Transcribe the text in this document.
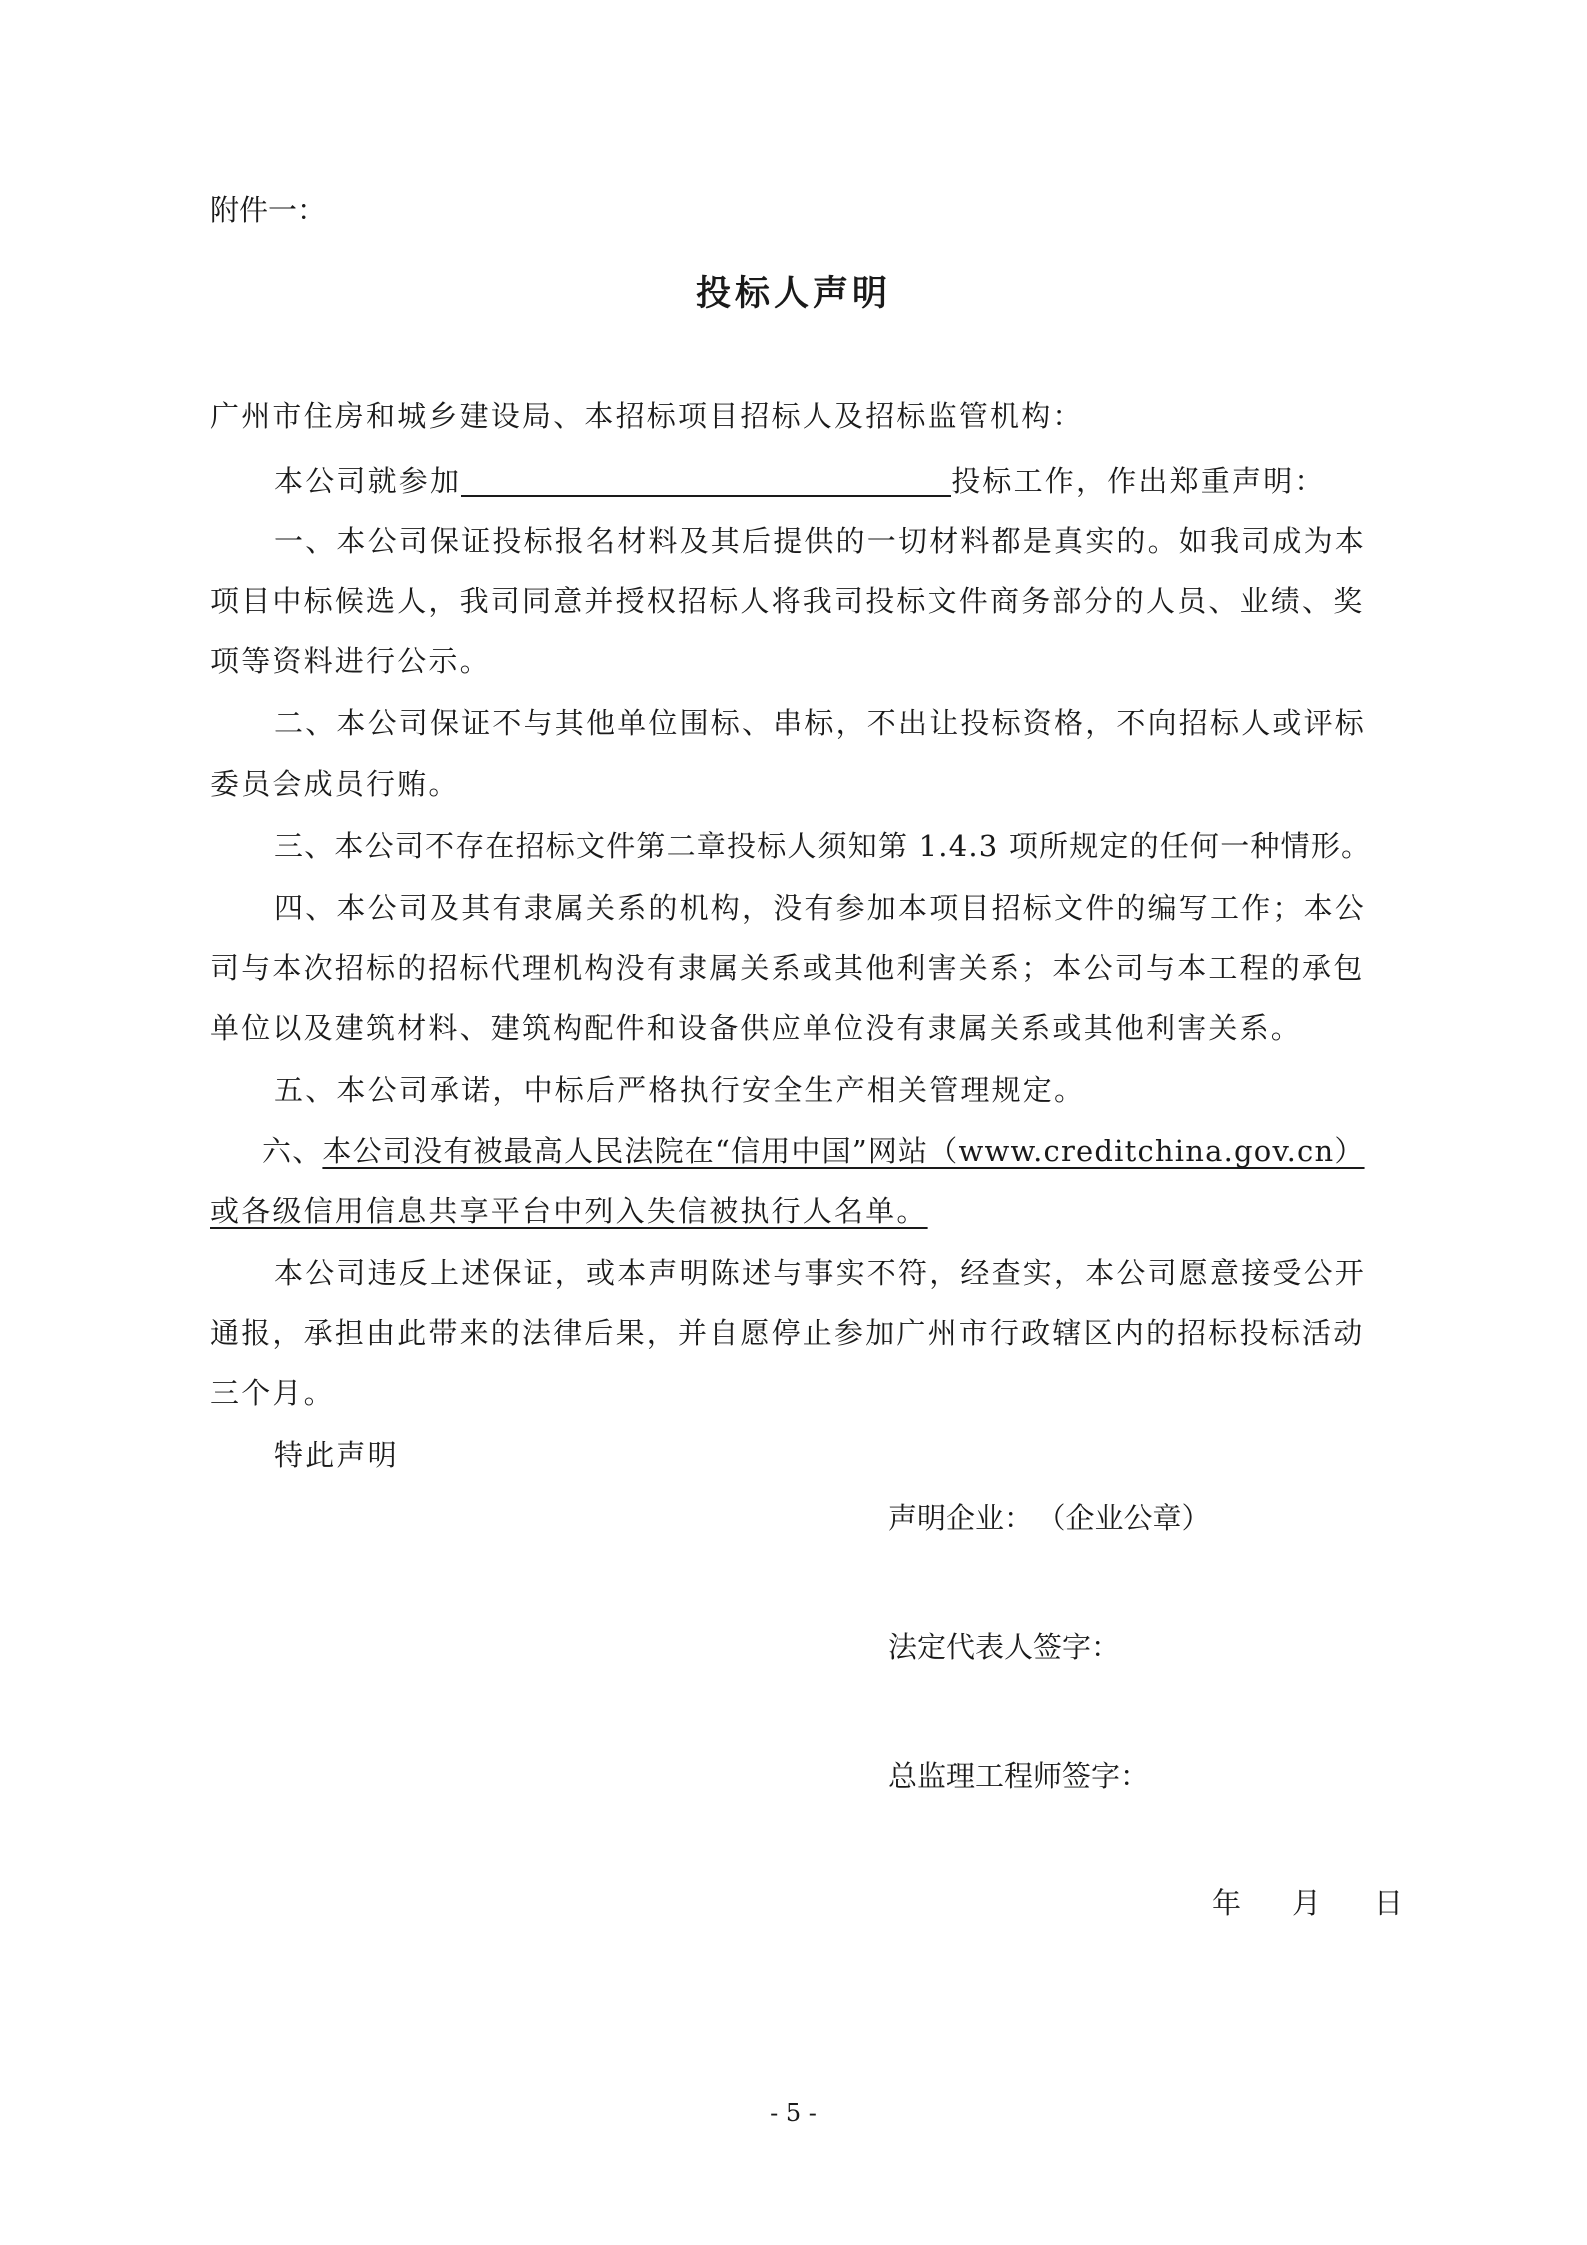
附件一：
投标人声明
广州市住房和城乡建设局、本招标项目招标人及招标监管机构：
本公司就参加	投标工作，作出郑重声明：
一、本公司保证投标报名材料及其后提供的一切材料都是真实的。如我司成为本
项目中标候选人，我司同意并授权招标人将我司投标文件商务部分的人员、业绩、奖
项等资料进行公示。
二、本公司保证不与其他单位围标、串标，不出让投标资格，不向招标人或评标
委员会成员行贿。
三、本公司不存在招标文件第二章投标人须知第 1.4.3 项所规定的任何一种情形。
四、本公司及其有隶属关系的机构，没有参加本项目招标文件的编写工作；本公
司与本次招标的招标代理机构没有隶属关系或其他利害关系；本公司与本工程的承包
单位以及建筑材料、建筑构配件和设备供应单位没有隶属关系或其他利害关系。
五、本公司承诺，中标后严格执行安全生产相关管理规定。
六、本公司没有被最高人民法院在“信用中国”网站（www.creditchina.gov.cn）
或各级信用信息共享平台中列入失信被执行人名单。
本公司违反上述保证，或本声明陈述与事实不符，经查实，本公司愿意接受公开
通报，承担由此带来的法律后果，并自愿停止参加广州市行政辖区内的招标投标活动
三个月。
特此声明
声明企业： （企业公章）
法定代表人签字：
总监理工程师签字：
年 月 日
- 5 -
